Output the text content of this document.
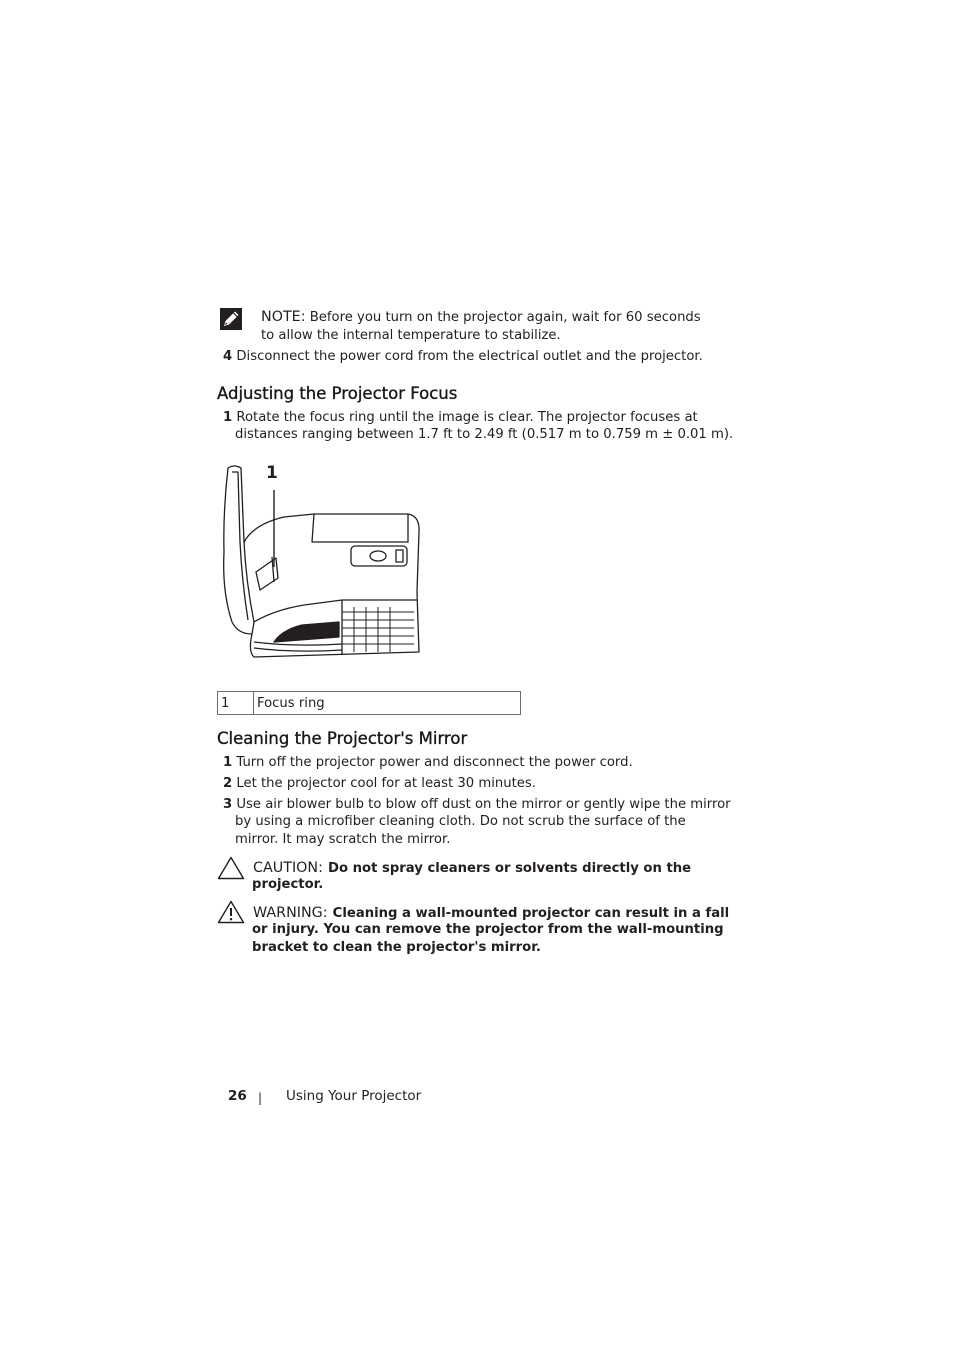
NOTE: Before you turn on the projector again, wait for 60 seconds
to allow the internal temperature to stabilize.
4 Disconnect the power cord from the electrical outlet and the projector.
Adjusting the Projector Focus
1 Rotate the focus ring until the image is clear. The projector focuses at
distances ranging between 1.7 ft to 2.49 ft (0.517 m to 0.759 m ± 0.01 m).
1
1	Focus ring
Cleaning the Projector's Mirror
1 Turn off the projector power and disconnect the power cord.
2 Let the projector cool for at least 30 minutes.
3 Use air blower bulb to blow off dust on the mirror or gently wipe the mirror
by using a microfiber cleaning cloth. Do not scrub the surface of the
mirror. It may scratch the mirror.
CAUTION: Do not spray cleaners or solvents directly on the
projector.
WARNING: Cleaning a wall-mounted projector can result in a fall
or injury. You can remove the projector from the wall-mounting
bracket to clean the projector's mirror.
26 | Using Your Projector
